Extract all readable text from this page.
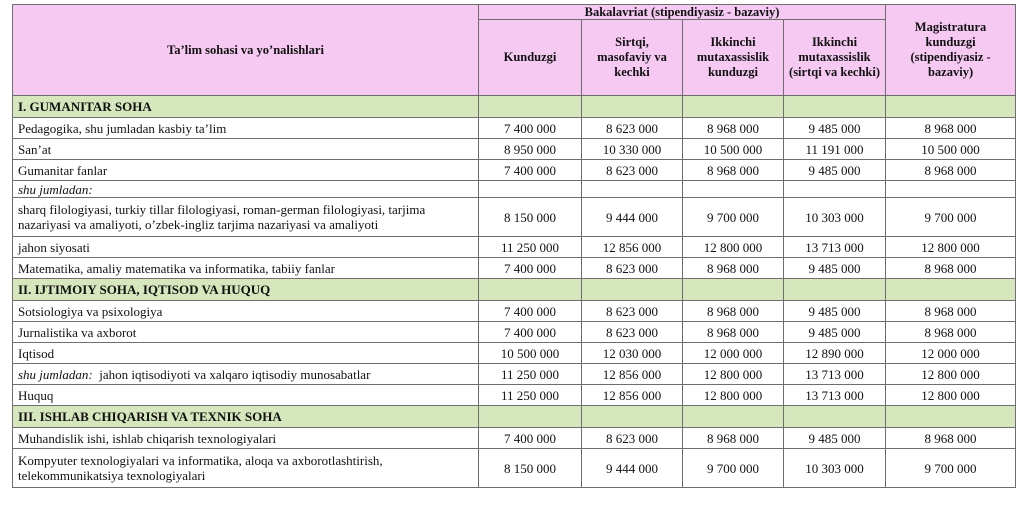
Ta’lim sohasi va yo’nalishlari	Bakalavriat (stipendiyasiz - bazaviy)				Magistratura kunduzgi (stipendiyasiz - bazaviy)
	Kunduzgi	Sirtqi, masofaviy va kechki	Ikkinchi mutaxassislik kunduzgi	Ikkinchi mutaxassislik (sirtqi va kechki)	
I. GUMANITAR SOHA					
Pedagogika, shu jumladan kasbiy ta’lim	7 400 000	8 623 000	8 968 000	9 485 000	8 968 000
San’at	8 950 000	10 330 000	10 500 000	11 191 000	10 500 000
Gumanitar fanlar	7 400 000	8 623 000	8 968 000	9 485 000	8 968 000
shu jumladan:					
sharq filologiyasi, turkiy tillar filologiyasi, roman-german filologiyasi, tarjima nazariyasi va amaliyoti, o’zbek-ingliz tarjima nazariyasi va amaliyoti	8 150 000	9 444 000	9 700 000	10 303 000	9 700 000
jahon siyosati	11 250 000	12 856 000	12 800 000	13 713 000	12 800 000
Matematika, amaliy matematika va informatika, tabiiy fanlar	7 400 000	8 623 000	8 968 000	9 485 000	8 968 000
II. IJTIMOIY SOHA, IQTISOD VA HUQUQ					
Sotsiologiya va psixologiya	7 400 000	8 623 000	8 968 000	9 485 000	8 968 000
Jurnalistika va axborot	7 400 000	8 623 000	8 968 000	9 485 000	8 968 000
Iqtisod	10 500 000	12 030 000	12 000 000	12 890 000	12 000 000
shu jumladan: jahon iqtisodiyoti va xalqaro iqtisodiy munosabatlar	11 250 000	12 856 000	12 800 000	13 713 000	12 800 000
Huquq	11 250 000	12 856 000	12 800 000	13 713 000	12 800 000
III. ISHLAB CHIQARISH VA TEXNIK SOHA					
Muhandislik ishi, ishlab chiqarish texnologiyalari	7 400 000	8 623 000	8 968 000	9 485 000	8 968 000
Kompyuter texnologiyalari va informatika, aloqa va axborotlashtirish, telekommunikatsiya texnologiyalari	8 150 000	9 444 000	9 700 000	10 303 000	9 700 000
